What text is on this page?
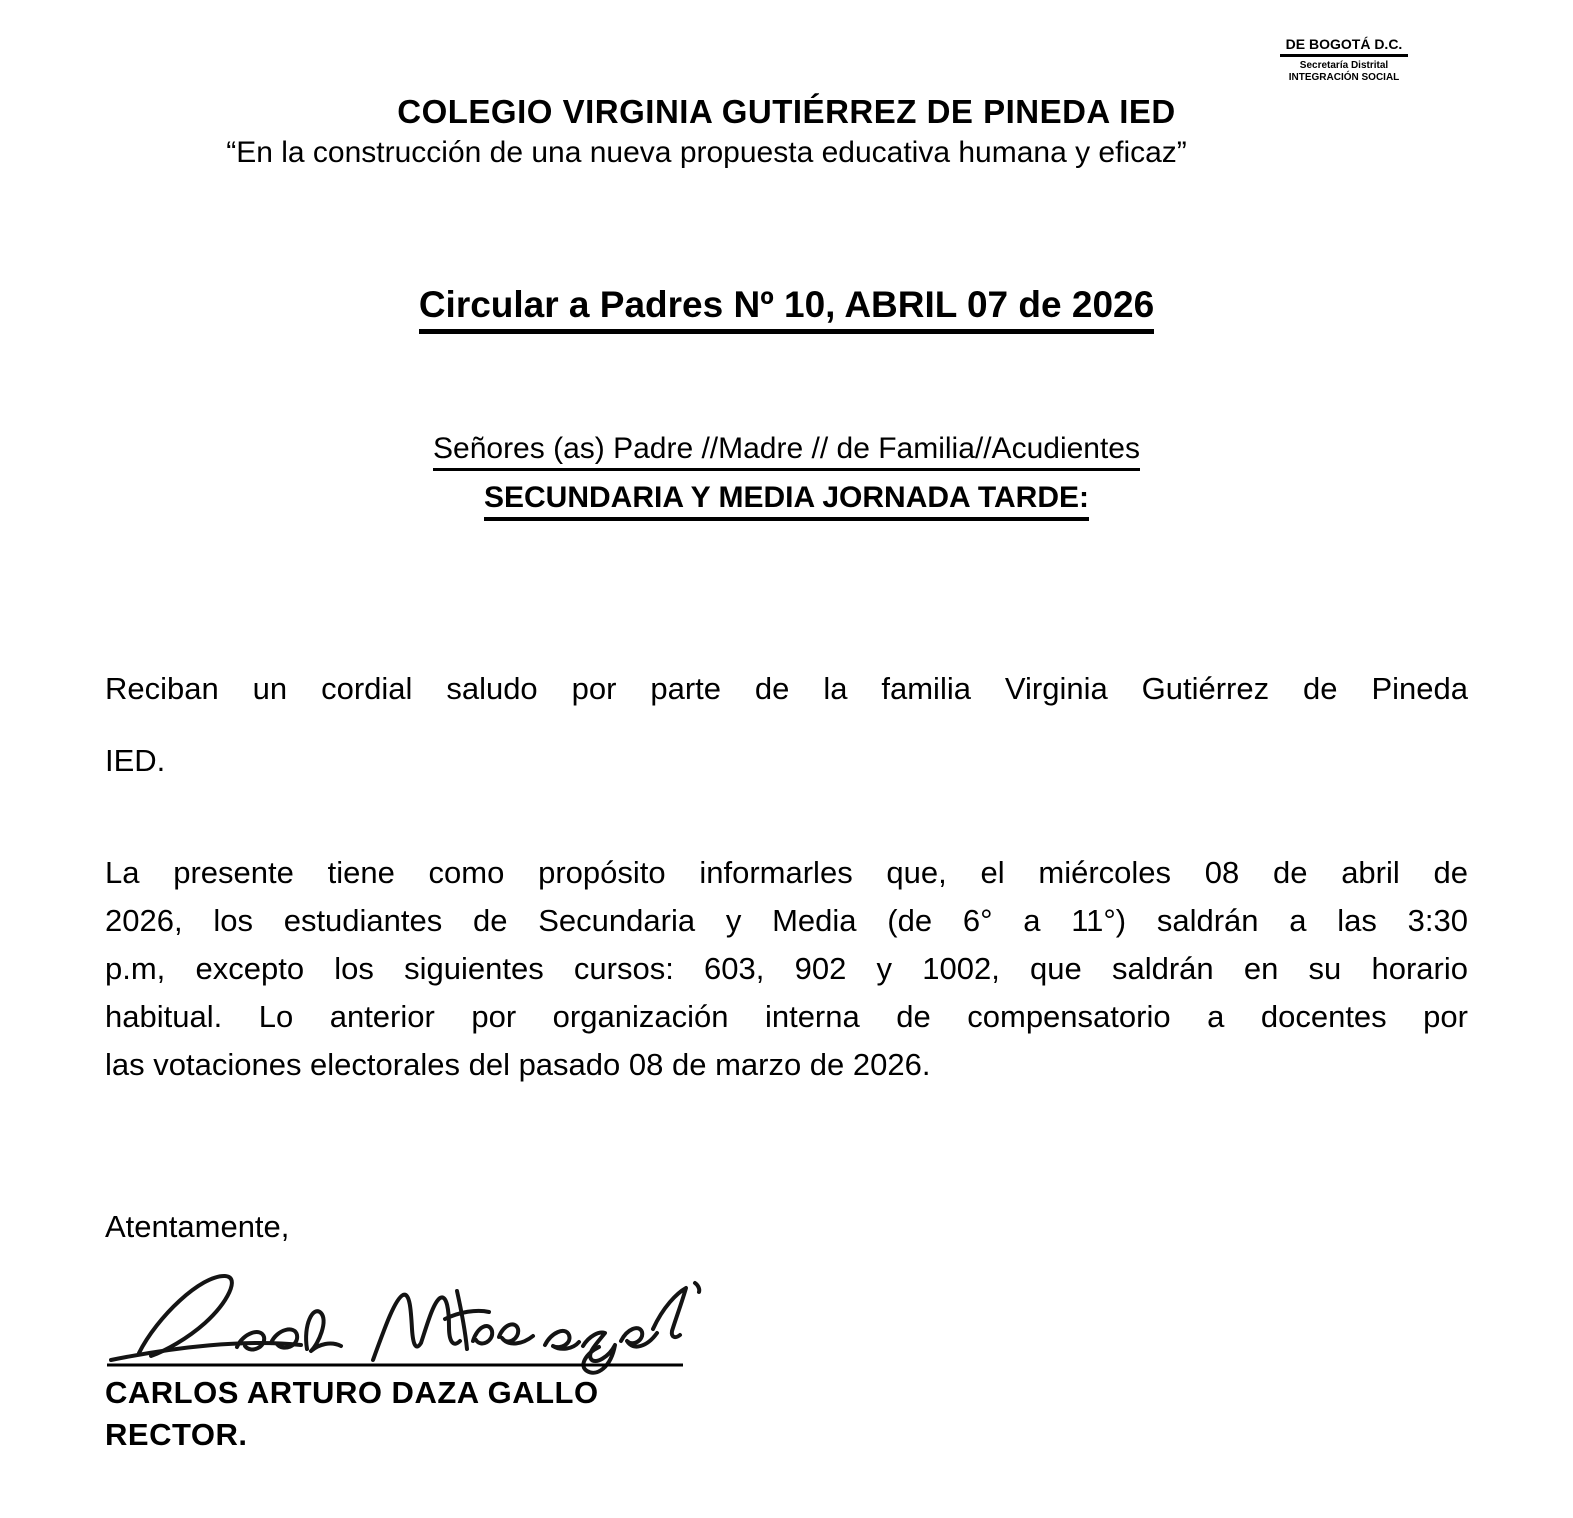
COLEGIO VIRGINIA GUTIÉRREZ DE PINEDA IED
“En la construcción de una nueva propuesta educativa humana y eficaz”
DE BOGOTÁ D.C.
Secretaría Distrital
INTEGRACIÓN SOCIAL
Circular a Padres Nº 10, ABRIL 07 de 2026
Señores (as) Padre //Madre // de Familia//Acudientes
SECUNDARIA Y MEDIA JORNADA TARDE:
Reciban un cordial saludo por parte de la familia Virginia Gutiérrez de Pineda
IED.
La presente tiene como propósito informarles que, el miércoles 08 de abril de
2026, los estudiantes de Secundaria y Media (de 6° a 11°) saldrán a las 3:30
p.m, excepto los siguientes cursos: 603, 902 y 1002, que saldrán en su horario
habitual. Lo anterior por organización interna de compensatorio a docentes por
las votaciones electorales del pasado 08 de marzo de 2026.
Atentamente,
CARLOS ARTURO DAZA GALLO
RECTOR.
